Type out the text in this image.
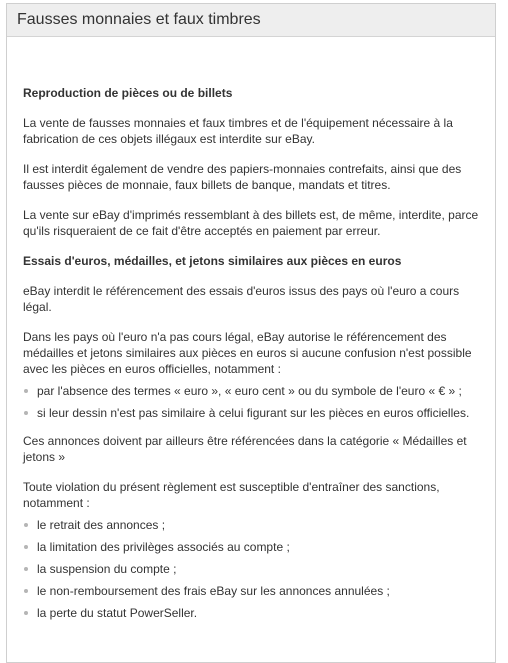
Fausses monnaies et faux timbres
Reproduction de pièces ou de billets

La vente de fausses monnaies et faux timbres et de l'équipement nécessaire à la fabrication de ces objets illégaux est interdite sur eBay.

Il est interdit également de vendre des papiers-monnaies contrefaits, ainsi que des fausses pièces de monnaie, faux billets de banque, mandats et titres.

La vente sur eBay d'imprimés ressemblant à des billets est, de même, interdite, parce qu'ils risqueraient de ce fait d'être acceptés en paiement par erreur.

Essais d'euros, médailles, et jetons similaires aux pièces en euros

eBay interdit le référencement des essais d'euros issus des pays où l'euro a cours légal.

Dans les pays où l'euro n'a pas cours légal, eBay autorise le référencement des médailles et jetons similaires aux pièces en euros si aucune confusion n'est possible avec les pièces en euros officielles, notamment :

par l'absence des termes « euro », « euro cent » ou du symbole de l'euro « € » ;
si leur dessin n'est pas similaire à celui figurant sur les pièces en euros officielles.

Ces annonces doivent par ailleurs être référencées dans la catégorie « Médailles et jetons »

Toute violation du présent règlement est susceptible d'entraîner des sanctions, notamment :

le retrait des annonces ;
la limitation des privilèges associés au compte ;
la suspension du compte ;
le non-remboursement des frais eBay sur les annonces annulées ;
la perte du statut PowerSeller.
